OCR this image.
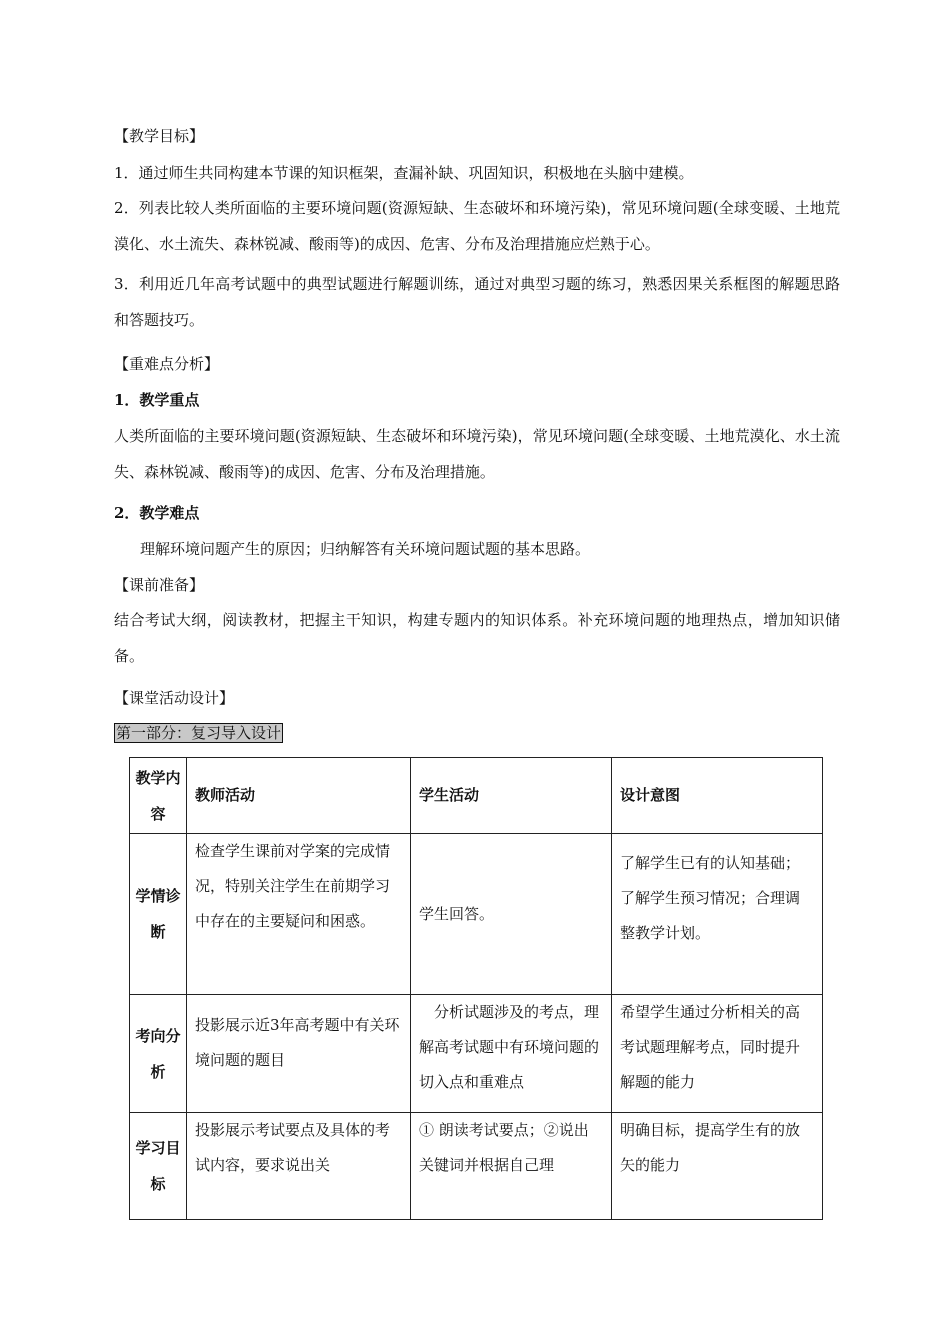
【教学目标】
1．通过师生共同构建本节课的知识框架，查漏补缺、巩固知识，积极地在头脑中建模。
2．列表比较人类所面临的主要环境问题(资源短缺、生态破坏和环境污染)，常见环境问题(全球变暖、土地荒漠化、水土流失、森林锐减、酸雨等)的成因、危害、分布及治理措施应烂熟于心。
3．利用近几年高考试题中的典型试题进行解题训练，通过对典型习题的练习，熟悉因果关系框图的解题思路和答题技巧。
【重难点分析】
1．教学重点
人类所面临的主要环境问题(资源短缺、生态破坏和环境污染)，常见环境问题(全球变暖、土地荒漠化、水土流失、森林锐减、酸雨等)的成因、危害、分布及治理措施。
2．教学难点
理解环境问题产生的原因；归纳解答有关环境问题试题的基本思路。
【课前准备】
结合考试大纲，阅读教材，把握主干知识，构建专题内的知识体系。补充环境问题的地理热点，增加知识储备。
【课堂活动设计】
第一部分：复习导入设计
教学内容	教师活动	学生活动	设计意图
学情诊断	检查学生课前对学案的完成情况，特别关注学生在前期学习中存在的主要疑问和困惑。	学生回答。	了解学生已有的认知基础；了解学生预习情况；合理调整教学计划。
考向分析	投影展示近3年高考题中有关环境问题的题目	分析试题涉及的考点，理解高考试题中有环境问题的切入点和重难点	希望学生通过分析相关的高考试题理解考点，同时提升解题的能力
学习目标	投影展示考试要点及具体的考试内容，要求说出关	① 朗读考试要点；②说出关键词并根据自己理	明确目标，提高学生有的放矢的能力
